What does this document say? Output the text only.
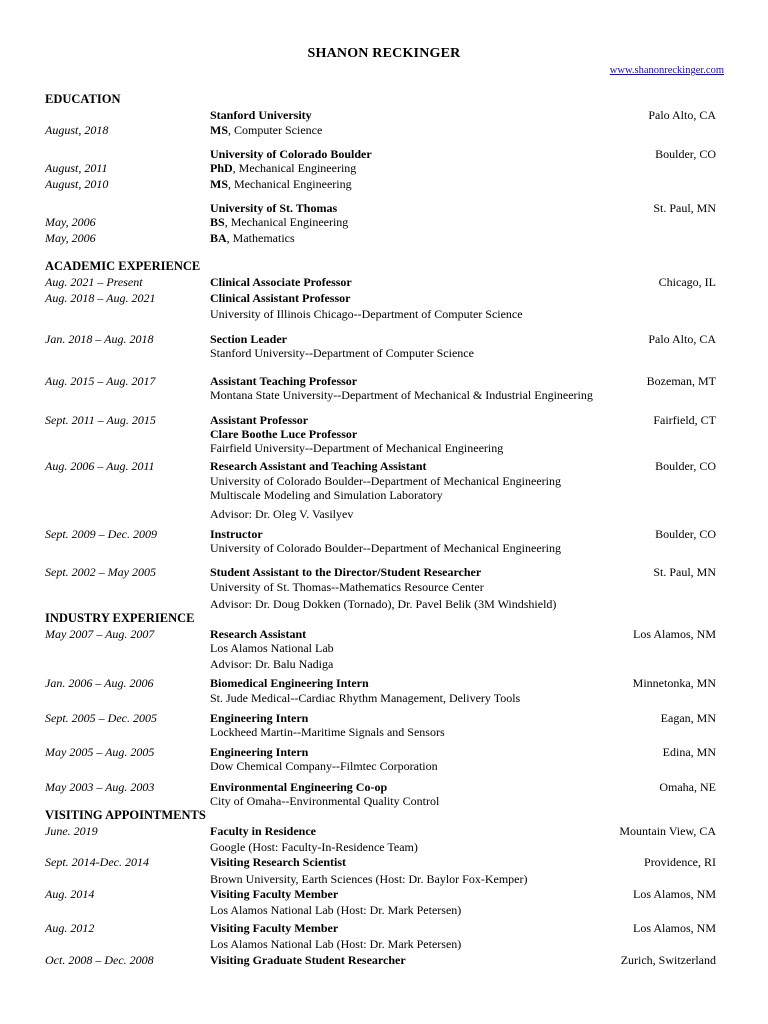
SHANON RECKINGER
www.shanonreckinger.com
EDUCATION
Stanford University	Palo Alto, CA
August, 2018	MS, Computer Science
University of Colorado Boulder	Boulder, CO
August, 2011	PhD, Mechanical Engineering
August, 2010	MS, Mechanical Engineering
University of St. Thomas	St. Paul, MN
May, 2006	BS, Mechanical Engineering
May, 2006	BA, Mathematics
ACADEMIC EXPERIENCE
Aug. 2021 – Present	Clinical Associate Professor	Chicago, IL
Aug. 2018 – Aug. 2021	Clinical Assistant Professor
University of Illinois Chicago--Department of Computer Science
Jan. 2018 – Aug. 2018	Section Leader	Palo Alto, CA
Stanford University--Department of Computer Science
Aug. 2015 – Aug. 2017	Assistant Teaching Professor	Bozeman, MT
Montana State University--Department of Mechanical & Industrial Engineering
Sept. 2011 – Aug. 2015	Assistant Professor	Fairfield, CT
Clare Boothe Luce Professor
Fairfield University--Department of Mechanical Engineering
Aug. 2006 – Aug. 2011	Research Assistant and Teaching Assistant	Boulder, CO
University of Colorado Boulder--Department of Mechanical Engineering
Multiscale Modeling and Simulation Laboratory
Advisor: Dr. Oleg V. Vasilyev
Sept. 2009 – Dec. 2009	Instructor	Boulder, CO
University of Colorado Boulder--Department of Mechanical Engineering
Sept. 2002 – May 2005	Student Assistant to the Director/Student Researcher	St. Paul, MN
University of St. Thomas--Mathematics Resource Center
Advisor: Dr. Doug Dokken (Tornado), Dr. Pavel Belik (3M Windshield)
INDUSTRY EXPERIENCE
May 2007 – Aug. 2007	Research Assistant	Los Alamos, NM
Los Alamos National Lab
Advisor: Dr. Balu Nadiga
Jan. 2006 – Aug. 2006	Biomedical Engineering Intern	Minnetonka, MN
St. Jude Medical--Cardiac Rhythm Management, Delivery Tools
Sept. 2005 – Dec. 2005	Engineering Intern	Eagan, MN
Lockheed Martin--Maritime Signals and Sensors
May 2005 – Aug. 2005	Engineering Intern	Edina, MN
Dow Chemical Company--Filmtec Corporation
May 2003 – Aug. 2003	Environmental Engineering Co-op	Omaha, NE
City of Omaha--Environmental Quality Control
VISITING APPOINTMENTS
June. 2019	Faculty in Residence	Mountain View, CA
Google (Host: Faculty-In-Residence Team)
Sept. 2014-Dec. 2014	Visiting Research Scientist	Providence, RI
Brown University, Earth Sciences (Host: Dr. Baylor Fox-Kemper)
Aug. 2014	Visiting Faculty Member	Los Alamos, NM
Los Alamos National Lab (Host: Dr. Mark Petersen)
Aug. 2012	Visiting Faculty Member	Los Alamos, NM
Los Alamos National Lab (Host: Dr. Mark Petersen)
Oct. 2008 – Dec. 2008	Visiting Graduate Student Researcher	Zurich, Switzerland
